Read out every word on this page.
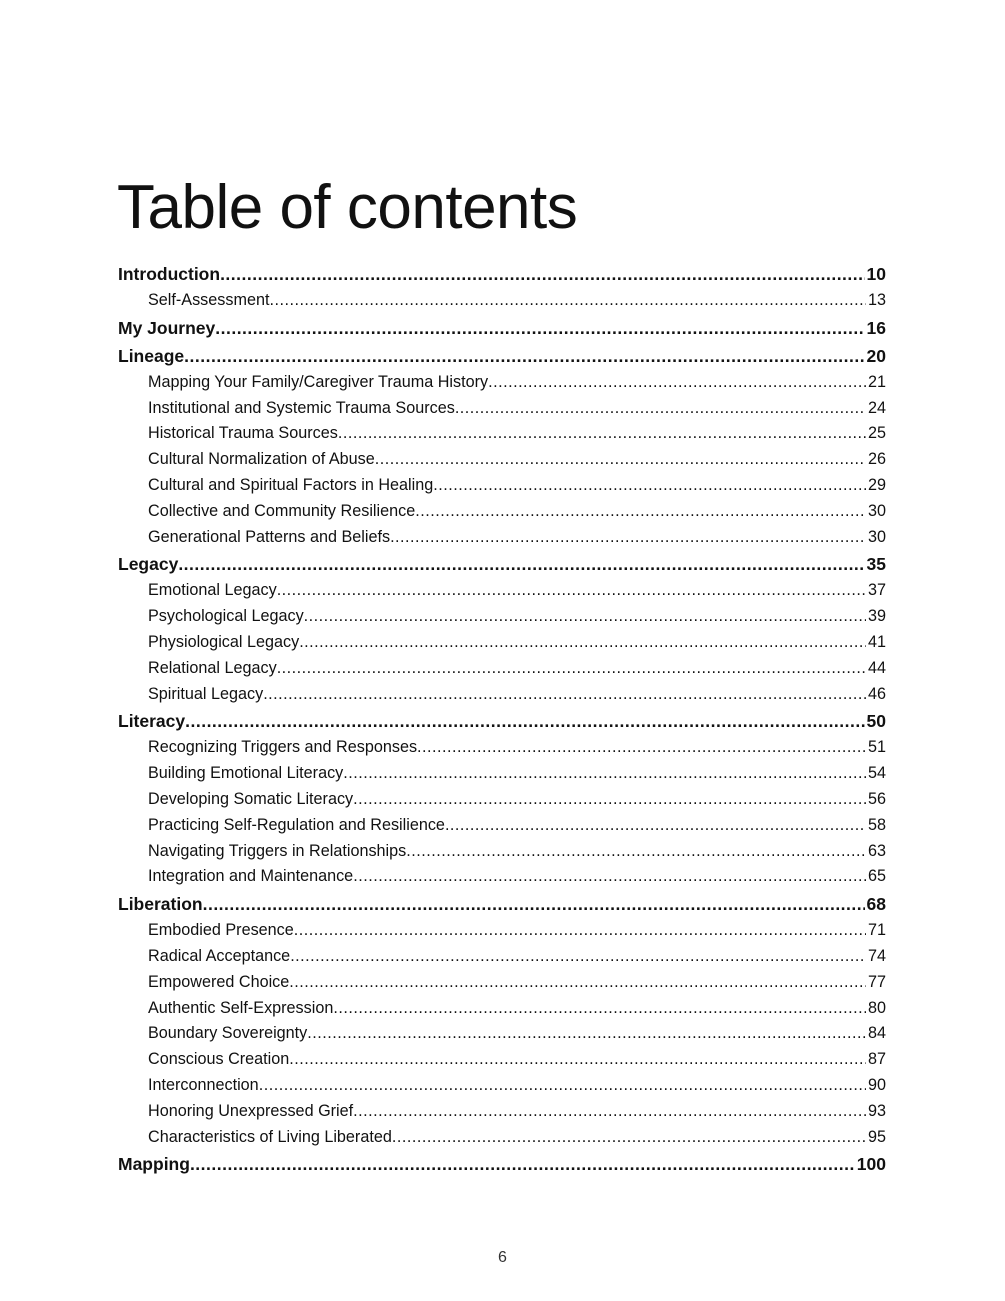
Table of contents
Introduction .....	10
Self-Assessment .....	13
My Journey .....	16
Lineage .....	20
Mapping Your Family/Caregiver Trauma History .....	21
Institutional and Systemic Trauma Sources .....	24
Historical Trauma Sources .....	25
Cultural Normalization of Abuse .....	26
Cultural and Spiritual Factors in Healing .....	29
Collective and Community Resilience .....	30
Generational Patterns and Beliefs .....	30
Legacy .....	35
Emotional Legacy .....	37
Psychological Legacy .....	39
Physiological Legacy .....	41
Relational Legacy .....	44
Spiritual Legacy .....	46
Literacy .....	50
Recognizing Triggers and Responses .....	51
Building Emotional Literacy .....	54
Developing Somatic Literacy .....	56
Practicing Self-Regulation and Resilience .....	58
Navigating Triggers in Relationships .....	63
Integration and Maintenance .....	65
Liberation .....	68
Embodied Presence .....	71
Radical Acceptance .....	74
Empowered Choice .....	77
Authentic Self-Expression .....	80
Boundary Sovereignty .....	84
Conscious Creation .....	87
Interconnection .....	90
Honoring Unexpressed Grief .....	93
Characteristics of Living Liberated .....	95
Mapping .....	100
6
